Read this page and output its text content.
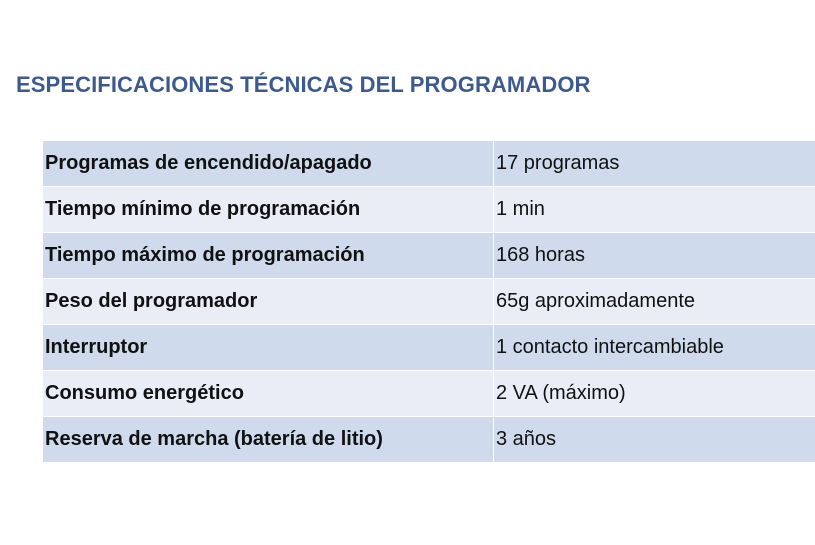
ESPECIFICACIONES TÉCNICAS DEL PROGRAMADOR
Programas de encendido/apagado	17 programas
Tiempo mínimo de programación	1 min
Tiempo máximo de programación	168 horas
Peso del programador	65g aproximadamente
Interruptor	1 contacto intercambiable
Consumo energético	2 VA (máximo)
Reserva de marcha (batería de litio)	3 años
